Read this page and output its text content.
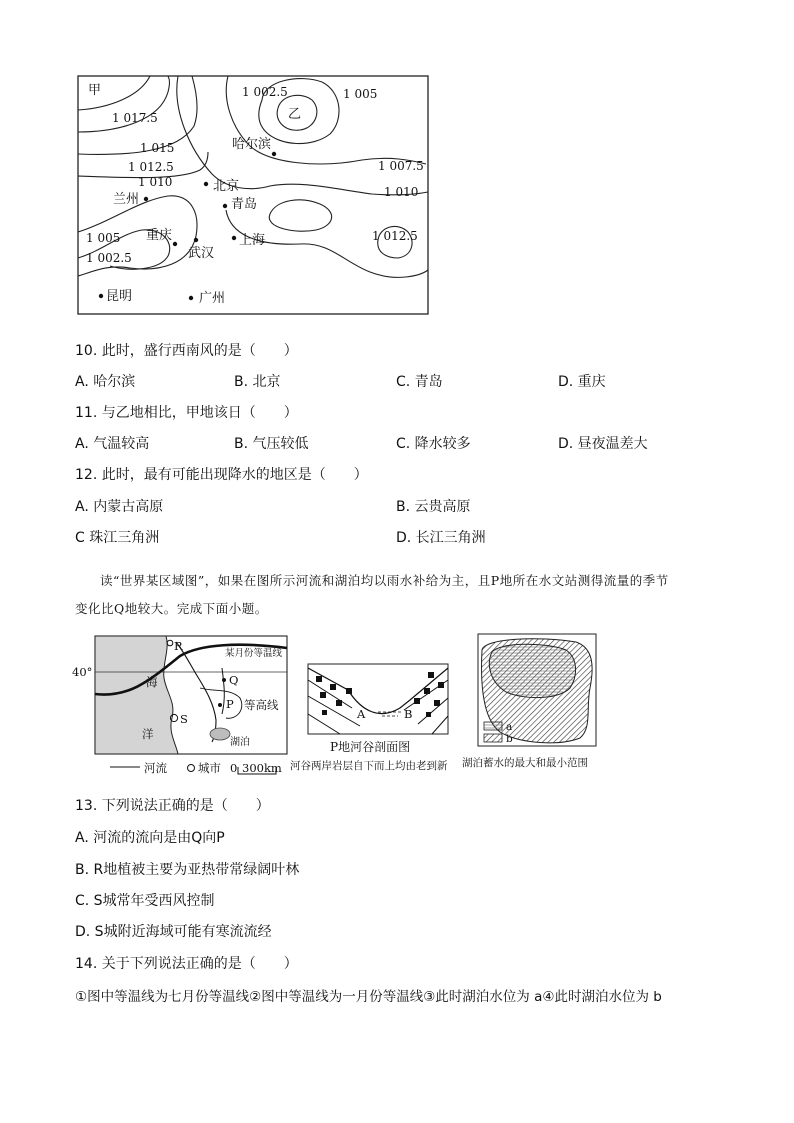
甲
乙
哈尔滨
北京
青岛
兰州
重庆
武汉
上海
昆明	广州
1 017.5
1 015
1 012.5
1 010
1 002.5	1 005
1 007.5
1 010
1 012.5
1 005
1 002.5
10. 此时，盛行西南风的是（　　）
A. 哈尔滨	B. 北京	C. 青岛	D. 重庆
11. 与乙地相比，甲地该日（　　）
A. 气温较高	B. 气压较低	C. 降水较多	D. 昼夜温差大
12. 此时，最有可能出现降水的地区是（　　）
A. 内蒙古高原	B. 云贵高原
C 珠江三角洲	D. 长江三角洲
读“世界某区域图”，如果在图所示河流和湖泊均以雨水补给为主，且P地所在水文站测得流量的季节
变化比Q地较大。完成下面小题。
40°
海
洋
R
Q
P
S
等高线
湖泊
某月份等温线
河流	城市 0 300km
A	B
P地河谷剖面图
河谷两岸岩层自下而上均由老到新
a
b
湖泊蓄水的最大和最小范围
13. 下列说法正确的是（　　）
A. 河流的流向是由Q向P
B. R地植被主要为亚热带常绿阔叶林
C. S城常年受西风控制
D. S城附近海域可能有寒流流经
14. 关于下列说法正确的是（　　）
①图中等温线为七月份等温线②图中等温线为一月份等温线③此时湖泊水位为 a④此时湖泊水位为 b
